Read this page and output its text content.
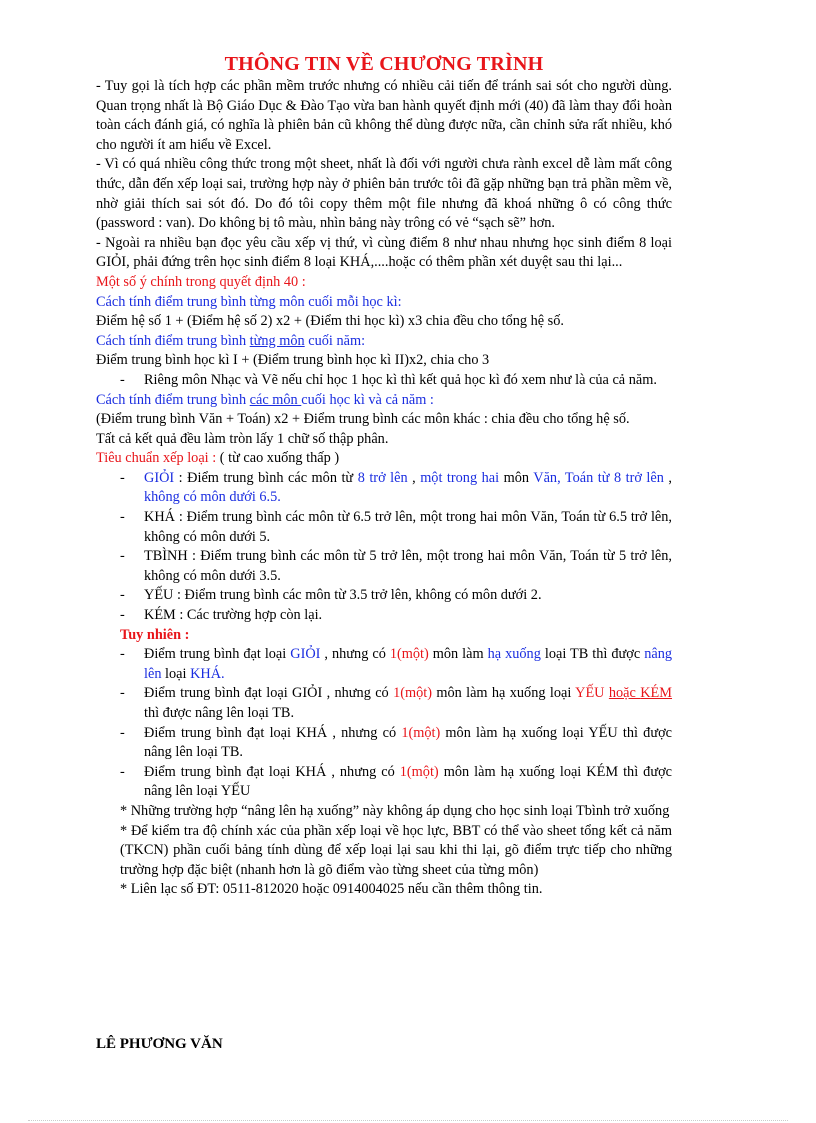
THÔNG TIN VỀ CHƯƠNG TRÌNH

- Tuy gọi là tích hợp các phần mềm trước nhưng có nhiều cải tiến để tránh sai sót cho người dùng. Quan trọng nhất là Bộ Giáo Dục & Đào Tạo vừa ban hành quyết định mới (40) đã làm thay đổi hoàn toàn cách đánh giá, có nghĩa là phiên bản cũ không thể dùng được nữa, cần chỉnh sửa rất nhiều, khó cho người ít am hiểu về Excel.

- Vì có quá nhiều công thức trong một sheet, nhất là đối với người chưa rành excel dễ làm mất công thức, dẫn đến xếp loại sai, trường hợp này ở phiên bản trước tôi đã gặp những bạn trả phần mềm về, nhờ giải thích sai sót đó. Do đó tôi copy thêm một file nhưng đã khoá những ô có công thức (password : van). Do không bị tô màu, nhìn bảng này trông có vẻ “sạch sẽ” hơn.

- Ngoài ra nhiều bạn đọc yêu cầu xếp vị thứ, vì cùng điểm 8 như nhau nhưng học sinh điểm 8 loại GIỎI, phải đứng trên học sinh điểm 8 loại KHÁ,....hoặc có thêm phần xét duyệt sau thi lại...

Một số ý chính trong quyết định 40 :

Cách tính điểm trung bình từng môn cuối mỗi học kì:

Điểm hệ số 1 + (Điểm hệ số 2) x2 + (Điểm thi học kì) x3 chia đều cho tổng hệ số.

Cách tính điểm trung bình từng môn cuối năm:

Điểm trung bình học kì I + (Điểm trung bình học kì II)x2, chia cho 3

- Riêng môn Nhạc và Vẽ nếu chỉ học 1 học kì thì kết quả học kì đó xem như là của cả năm.

Cách tính điểm trung bình các môn cuối học kì và cả năm :

(Điểm trung bình Văn + Toán) x2 + Điểm trung bình các môn khác : chia đều cho tổng hệ số.

Tất cả kết quả đều làm tròn lấy 1 chữ số thập phân.

Tiêu chuẩn xếp loại : ( từ cao xuống thấp )

- GIỎI : Điểm trung bình các môn từ 8 trở lên , một trong hai môn Văn, Toán từ 8 trở lên , không có môn dưới 6.5.
- KHÁ : Điểm trung bình các môn từ 6.5 trở lên, một trong hai môn Văn, Toán từ 6.5 trở lên, không có môn dưới 5.
- TBÌNH : Điểm trung bình các môn từ 5 trở lên, một trong hai môn Văn, Toán từ 5 trở lên, không có môn dưới 3.5.
- YẾU : Điểm trung bình các môn từ 3.5 trở lên, không có môn dưới 2.
- KÉM : Các trường hợp còn lại.

Tuy nhiên :

- Điểm trung bình đạt loại GIỎI , nhưng có 1(một) môn làm hạ xuống loại TB thì được nâng lên loại KHÁ.
- Điểm trung bình đạt loại GIỎI , nhưng có 1(một) môn làm hạ xuống loại YẾU hoặc KÉM thì được nâng lên loại TB.
- Điểm trung bình đạt loại KHÁ , nhưng có 1(một) môn làm hạ xuống loại YẾU thì được nâng lên loại TB.
- Điểm trung bình đạt loại KHÁ , nhưng có 1(một) môn làm hạ xuống loại KÉM thì được nâng lên loại YẾU

* Những trường hợp “nâng lên hạ xuống” này không áp dụng cho học sinh loại Tbình trở xuống

* Để kiểm tra độ chính xác của phần xếp loại về học lực, BBT có thể vào sheet tổng kết cả năm (TKCN) phần cuối bảng tính dùng để xếp loại lại sau khi thi lại, gõ điểm trực tiếp cho những trường hợp đặc biệt (nhanh hơn là gõ điểm vào từng sheet của từng môn)

* Liên lạc số ĐT: 0511-812020 hoặc 0914004025 nếu cần thêm thông tin.

LÊ PHƯƠNG VĂN
